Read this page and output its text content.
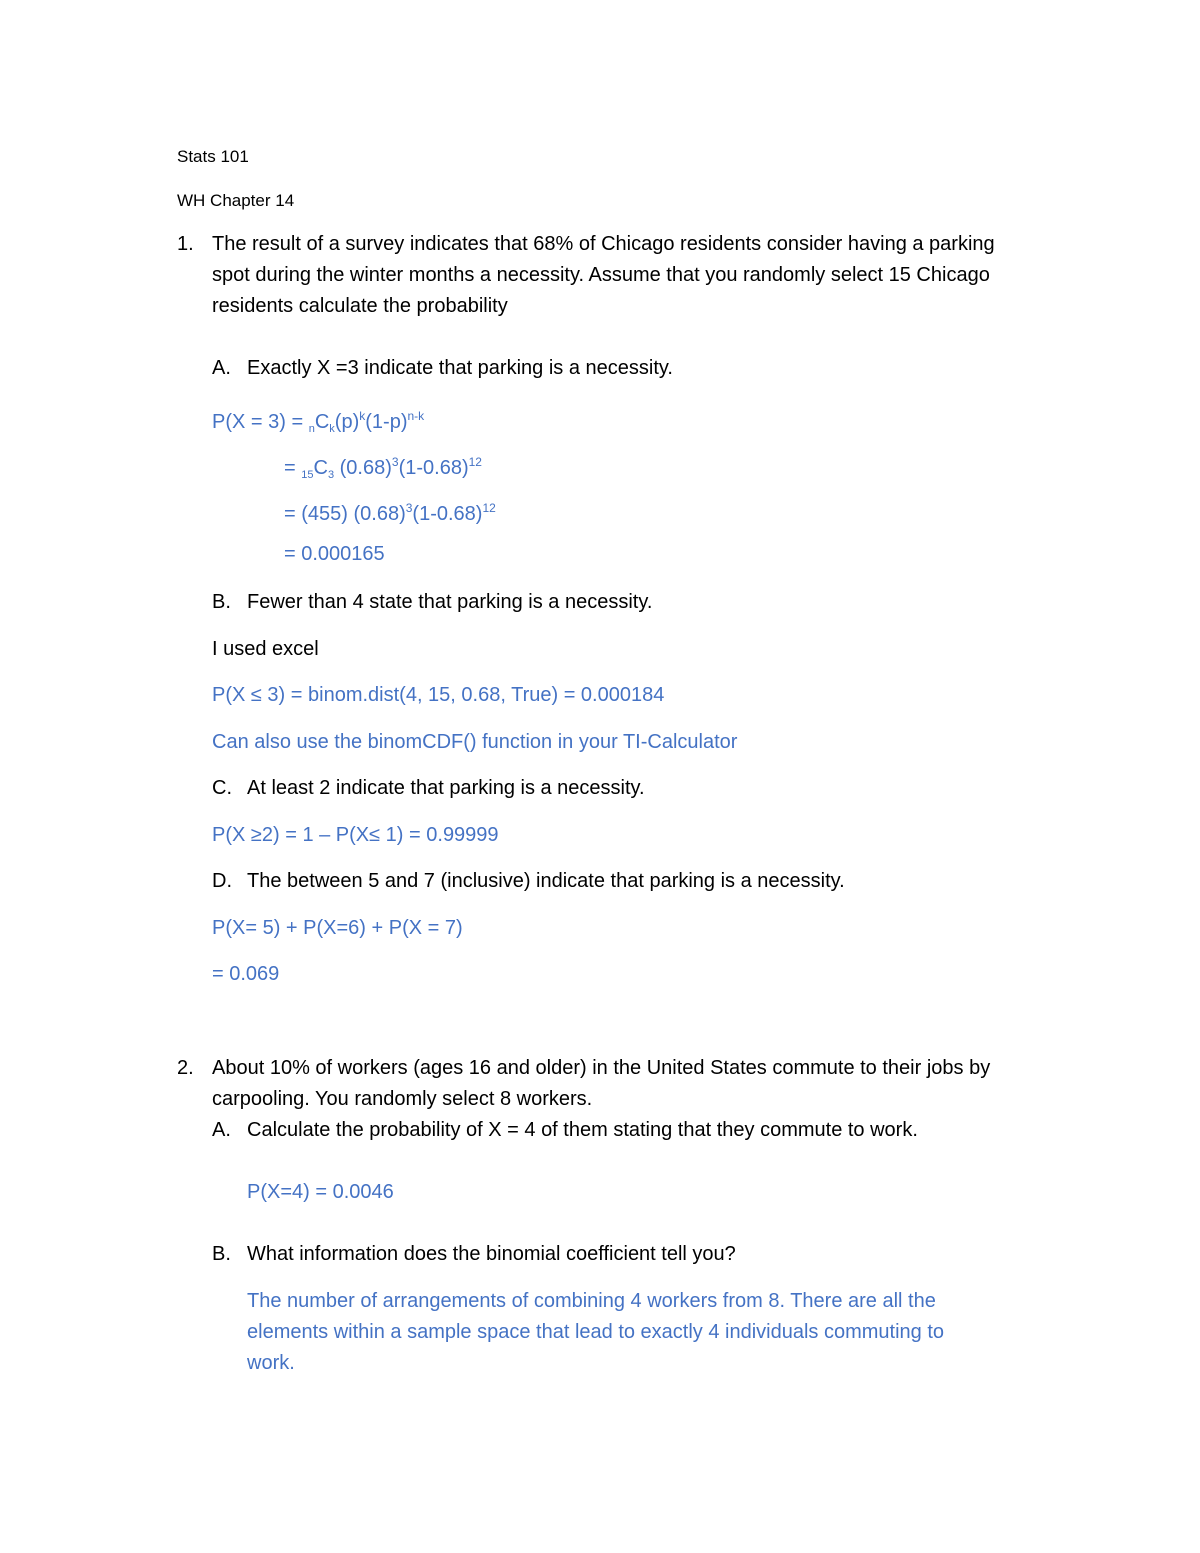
Stats 101
WH Chapter 14
1. The result of a survey indicates that 68% of Chicago residents consider having a parking
spot during the winter months a necessity. Assume that you randomly select 15 Chicago
residents calculate the probability
A. Exactly X =3 indicate that parking is a necessity.
$P(X = 3) = _nC_k(p)^k(1-p)^{n-k}$
= $_{15}C_3$ $(0.68)^3(1-0.68)^{12}$
= (455) $(0.68)^3(1-0.68)^{12}$
= 0.000165
B. Fewer than 4 state that parking is a necessity.
I used excel
P(X ≤ 3) = binom.dist(4, 15, 0.68, True) = 0.000184
Can also use the binomCDF() function in your TI-Calculator
C. At least 2 indicate that parking is a necessity.
P(X ≥2) = 1 – P(X≤ 1) = 0.99999
D. The between 5 and 7 (inclusive) indicate that parking is a necessity.
P(X= 5) + P(X=6) + P(X = 7)
= 0.069
2. About 10% of workers (ages 16 and older) in the United States commute to their jobs by
carpooling. You randomly select 8 workers.
A. Calculate the probability of X = 4 of them stating that they commute to work.
P(X=4) = 0.0046
B. What information does the binomial coefficient tell you?
The number of arrangements of combining 4 workers from 8. There are all the
elements within a sample space that lead to exactly 4 individuals commuting to
work.
